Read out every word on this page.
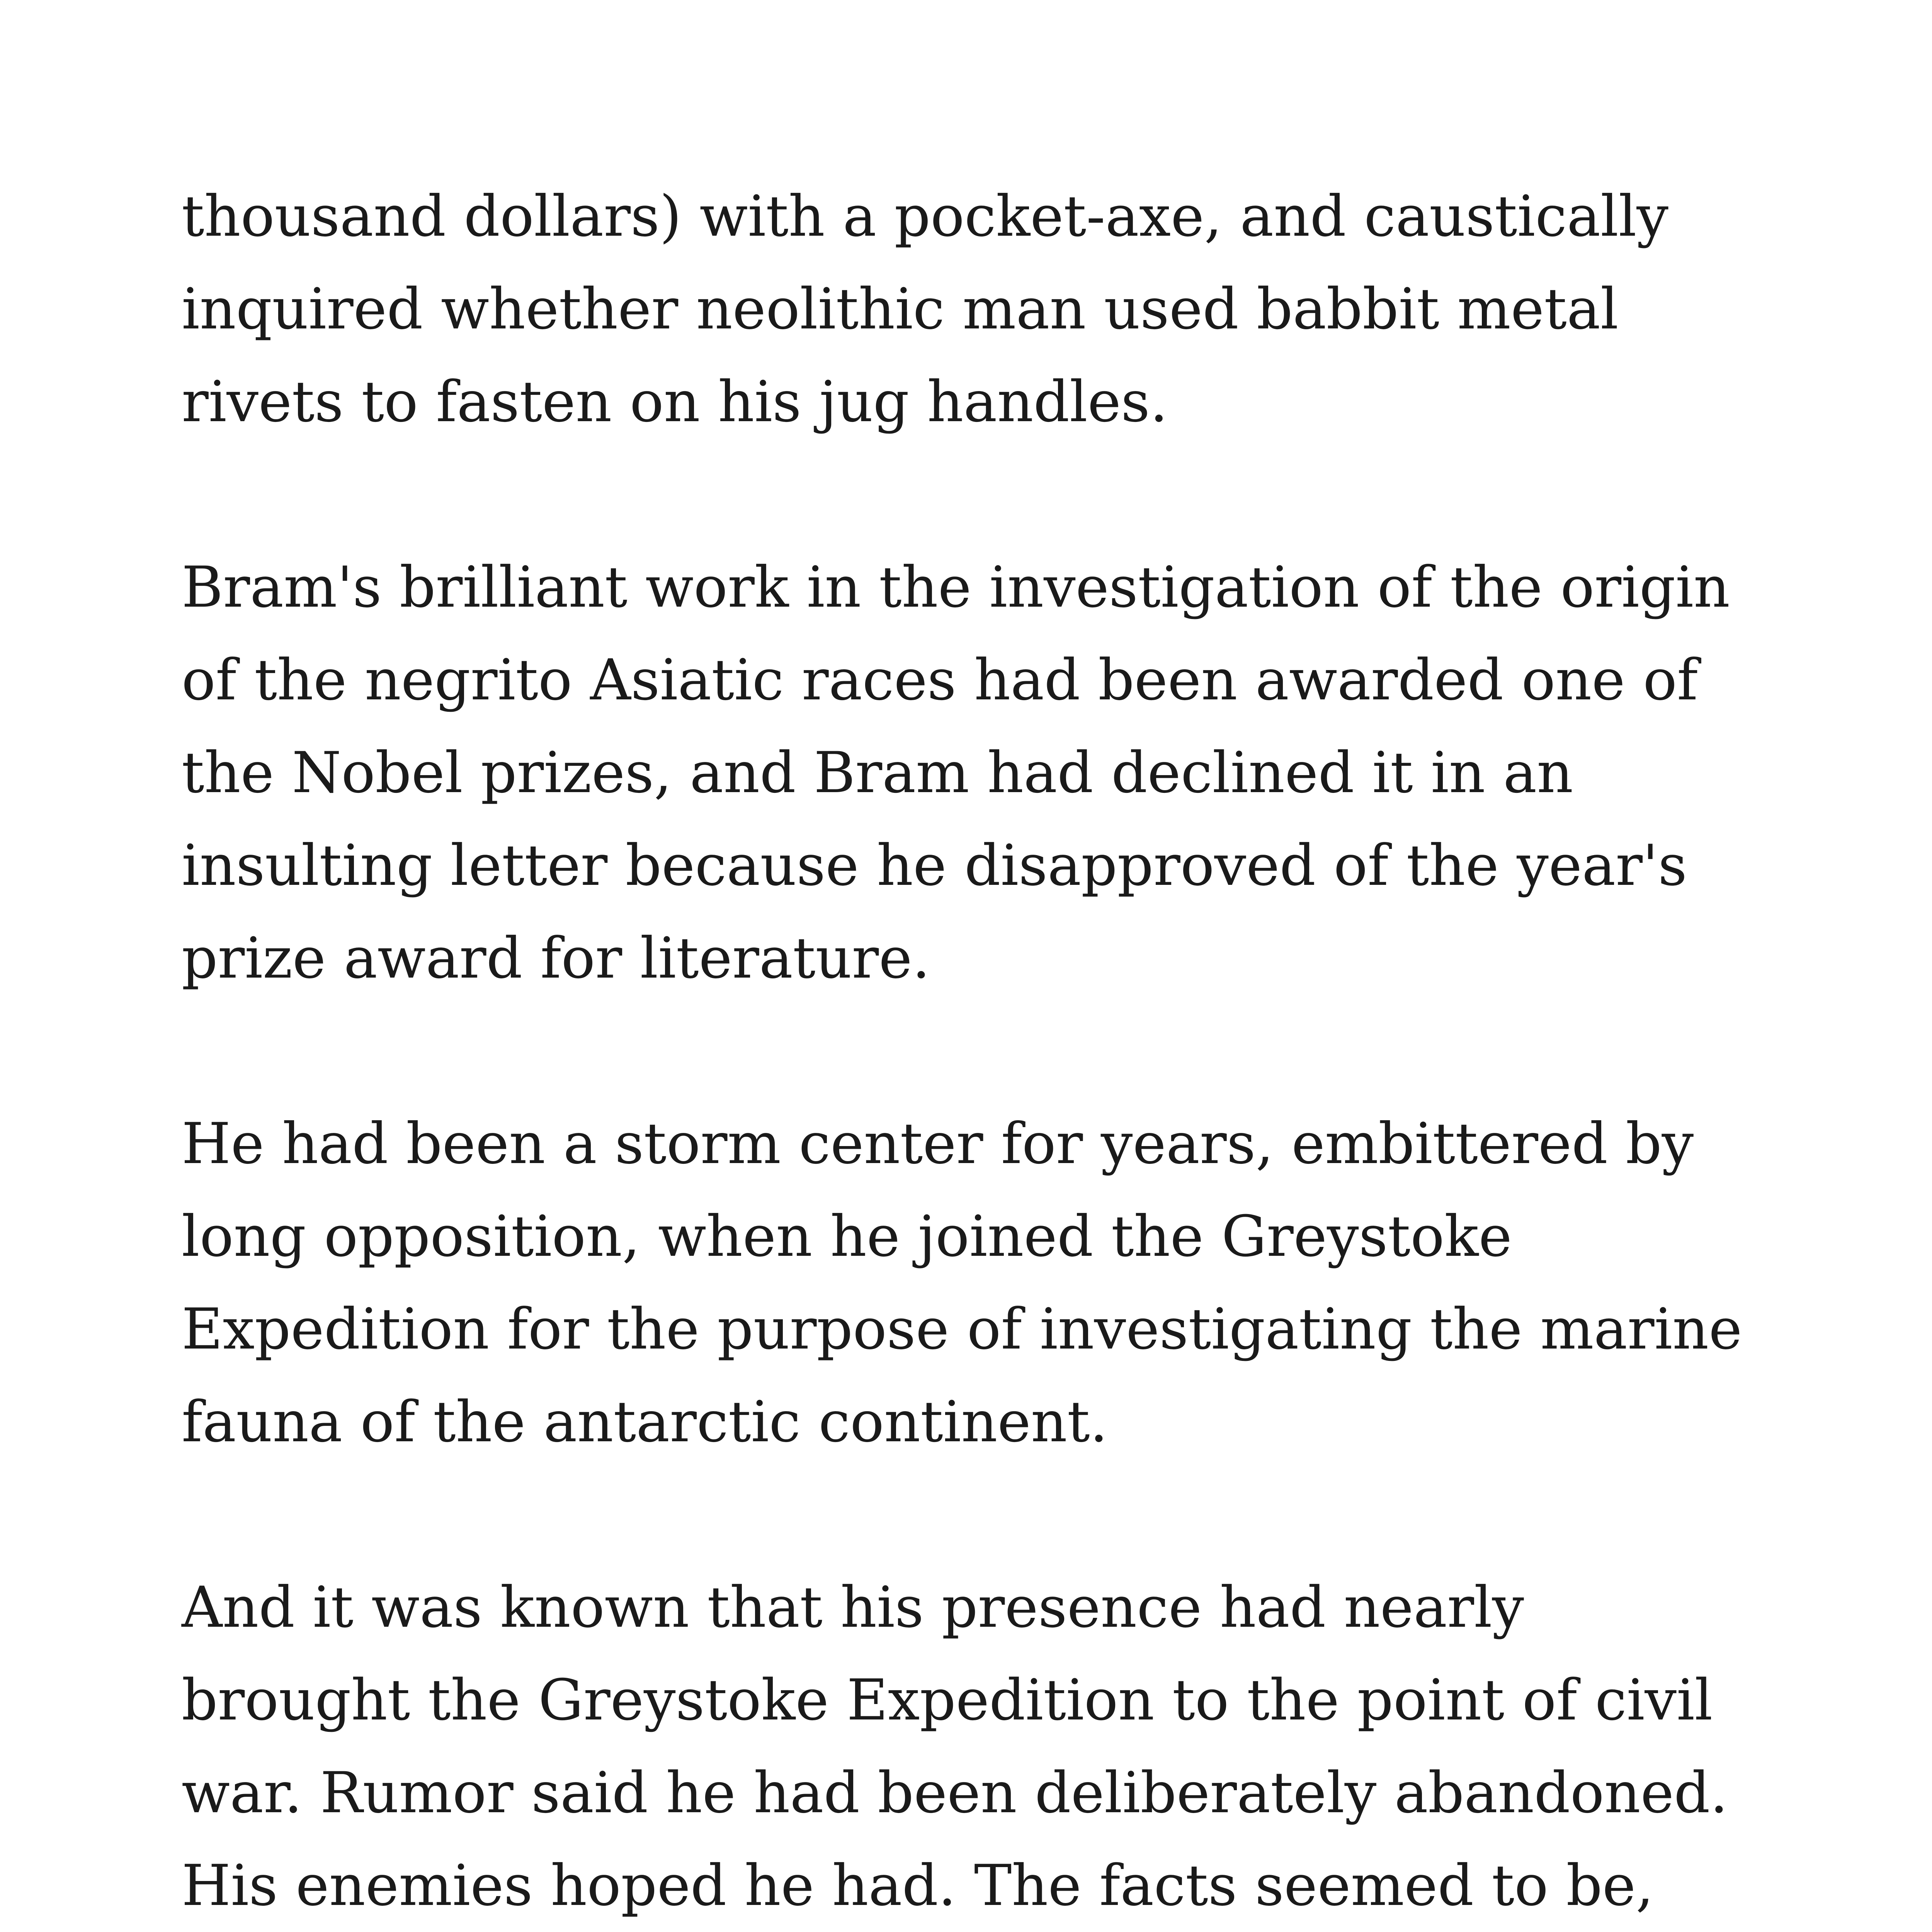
thousand dollars) with a pocket-axe, and caustically
inquired whether neolithic man used babbit metal
rivets to fasten on his jug handles.

Bram's brilliant work in the investigation of the origin
of the negrito Asiatic races had been awarded one of
the Nobel prizes, and Bram had declined it in an
insulting letter because he disapproved of the year's
prize award for literature.

He had been a storm center for years, embittered by
long opposition, when he joined the Greystoke
Expedition for the purpose of investigating the marine
fauna of the antarctic continent.

And it was known that his presence had nearly
brought the Greystoke Expedition to the point of civil
war. Rumor said he had been deliberately abandoned.
His enemies hoped he had. The facts seemed to be,
